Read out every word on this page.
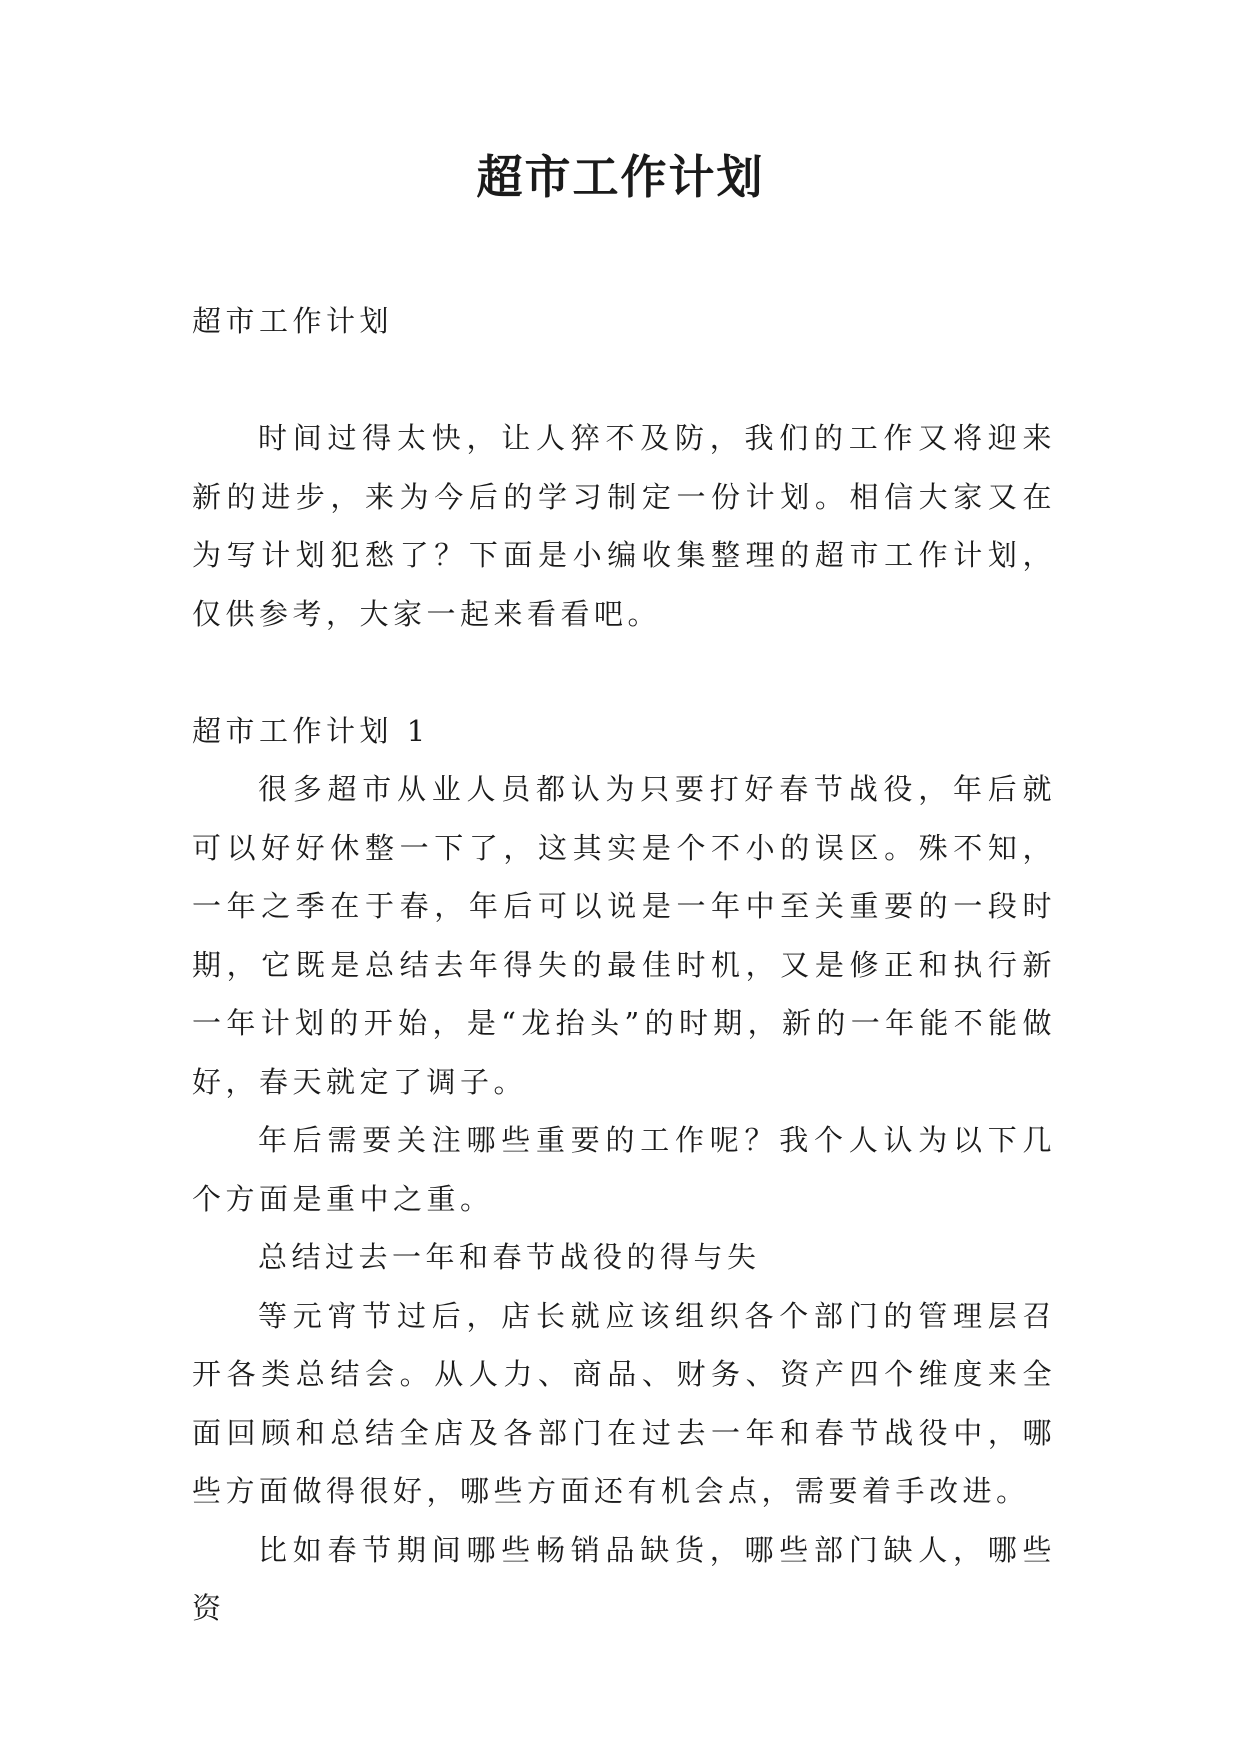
超市工作计划

超市工作计划

时间过得太快，让人猝不及防，我们的工作又将迎来新的进步，来为今后的学习制定一份计划。相信大家又在为写计划犯愁了？下面是小编收集整理的超市工作计划，仅供参考，大家一起来看看吧。

超市工作计划 1

很多超市从业人员都认为只要打好春节战役，年后就可以好好休整一下了，这其实是个不小的误区。殊不知，一年之季在于春，年后可以说是一年中至关重要的一段时期，它既是总结去年得失的最佳时机，又是修正和执行新一年计划的开始，是“龙抬头”的时期，新的一年能不能做好，春天就定了调子。

年后需要关注哪些重要的工作呢？我个人认为以下几个方面是重中之重。

总结过去一年和春节战役的得与失

等元宵节过后，店长就应该组织各个部门的管理层召开各类总结会。从人力、商品、财务、资产四个维度来全面回顾和总结全店及各部门在过去一年和春节战役中，哪些方面做得很好，哪些方面还有机会点，需要着手改进。

比如春节期间哪些畅销品缺货，哪些部门缺人，哪些资
